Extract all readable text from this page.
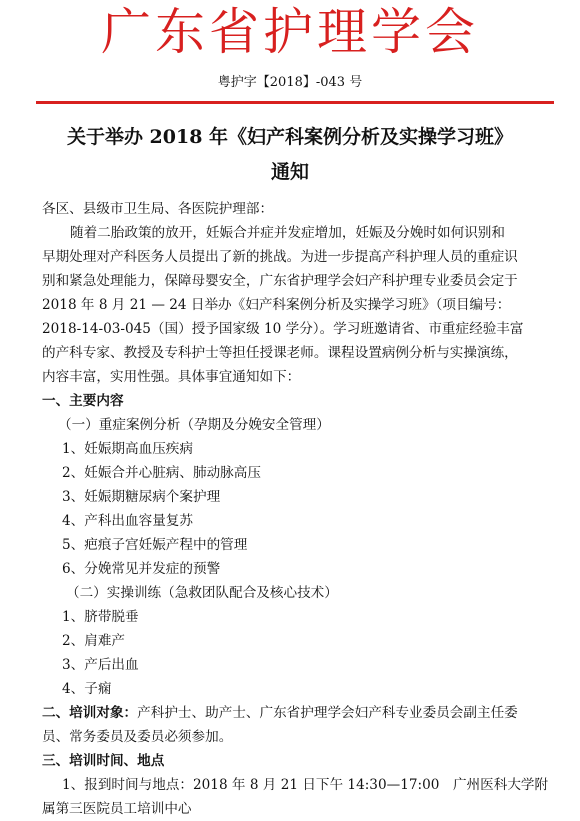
广东省护理学会
粤护字【2018】-043 号
关于举办 2018 年《妇产科案例分析及实操学习班》
通知
各区、县级市卫生局、各医院护理部：
随着二胎政策的放开，妊娠合并症并发症增加，妊娠及分娩时如何识别和
早期处理对产科医务人员提出了新的挑战。为进一步提高产科护理人员的重症识
别和紧急处理能力，保障母婴安全，广东省护理学会妇产科护理专业委员会定于
2018 年 8 月 21 — 24 日举办《妇产科案例分析及实操学习班》（项目编号：
2018-14-03-045（国）授予国家级 10 学分）。学习班邀请省、市重症经验丰富
的产科专家、教授及专科护士等担任授课老师。课程设置病例分析与实操演练，
内容丰富，实用性强。具体事宜通知如下：
一、主要内容
（一）重症案例分析（孕期及分娩安全管理）
1、妊娠期高血压疾病
2、妊娠合并心脏病、肺动脉高压
3、妊娠期糖尿病个案护理
4、产科出血容量复苏
5、疤痕子宫妊娠产程中的管理
6、分娩常见并发症的预警
（二）实操训练（急救团队配合及核心技术）
1、脐带脱垂
2、肩难产
3、产后出血
4、子痫
二、培训对象：产科护士、助产士、广东省护理学会妇产科专业委员会副主任委
员、常务委员及委员必须参加。
三、培训时间、地点
1、报到时间与地点：2018 年 8 月 21 日下午 14:30—17:00　广州医科大学附
属第三医院员工培训中心
